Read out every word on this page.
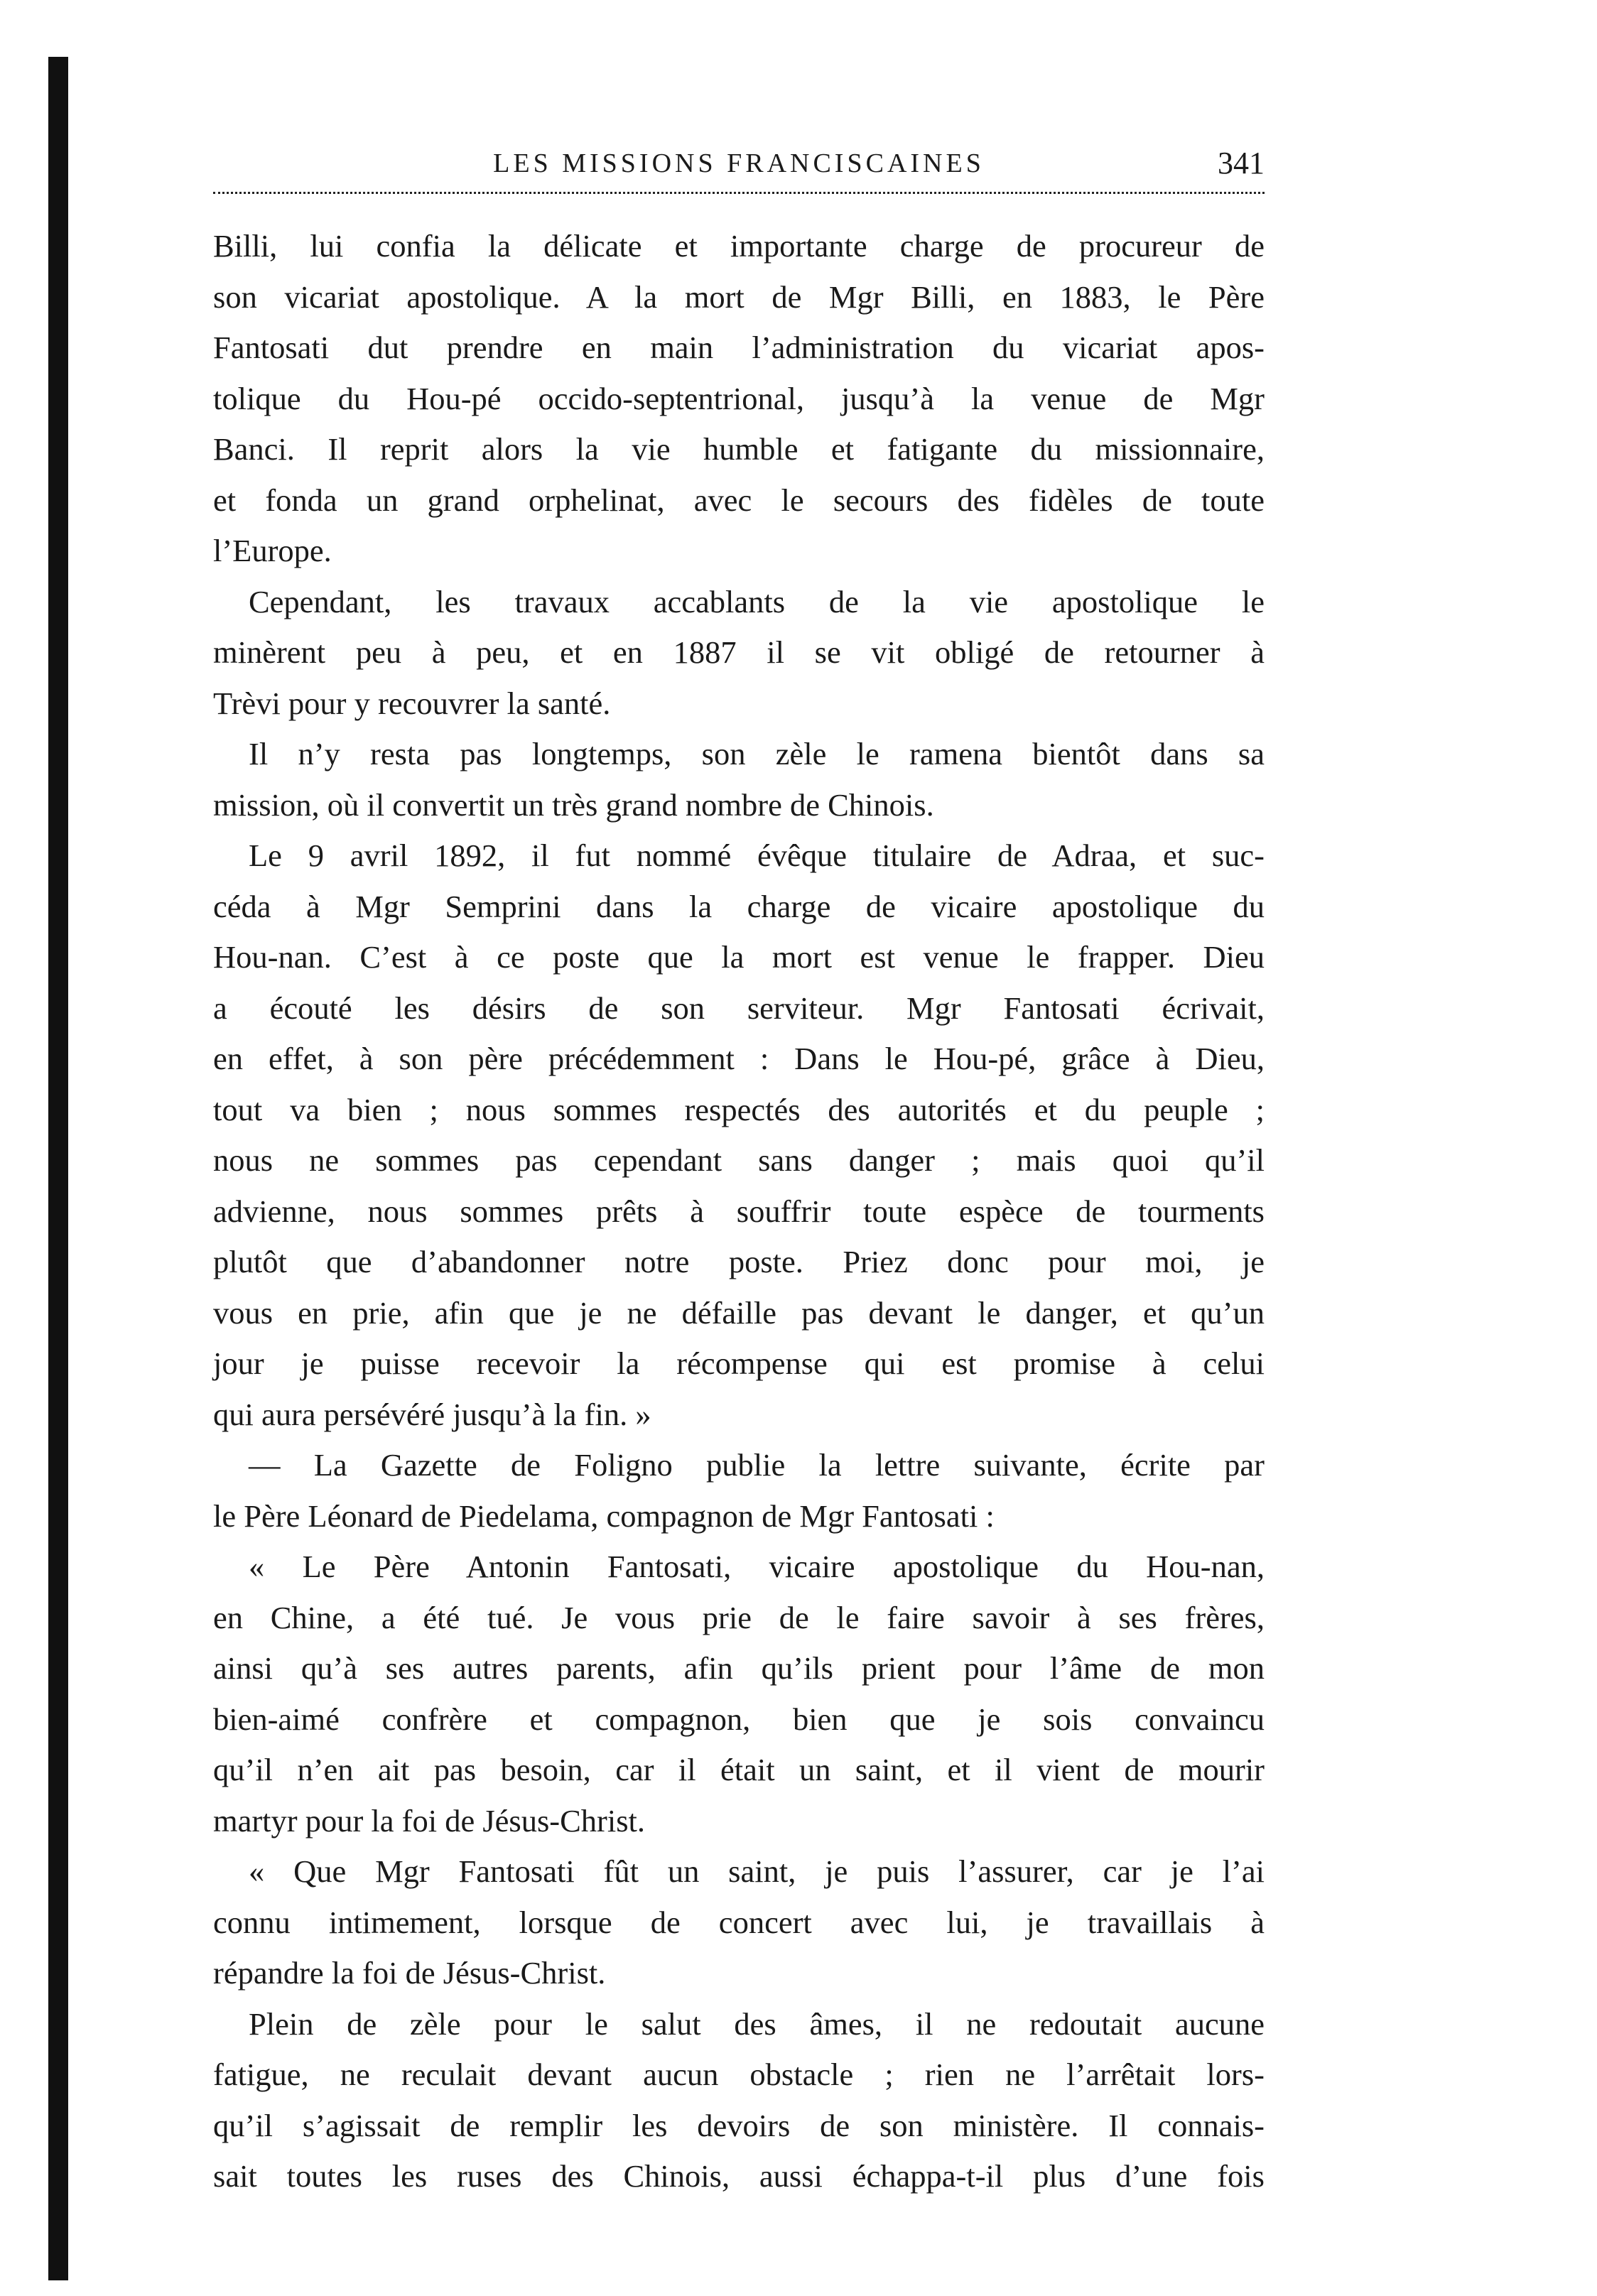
LES MISSIONS FRANCISCAINES	341

Billi, lui confia la délicate et importante charge de procureur de

son vicariat apostolique. A la mort de Mgr Billi, en 1883, le Père

Fantosati dut prendre en main l’administration du vicariat apos-

tolique du Hou-pé occido-septentrional, jusqu’à la venue de Mgr

Banci. Il reprit alors la vie humble et fatigante du missionnaire,

et fonda un grand orphelinat, avec le secours des fidèles de toute

l’Europe.

Cependant, les travaux accablants de la vie apostolique le

minèrent peu à peu, et en 1887 il se vit obligé de retourner à

Trèvi pour y recouvrer la santé.

Il n’y resta pas longtemps, son zèle le ramena bientôt dans sa

mission, où il convertit un très grand nombre de Chinois.

Le 9 avril 1892, il fut nommé évêque titulaire de Adraa, et suc-

céda à Mgr Semprini dans la charge de vicaire apostolique du

Hou-nan. C’est à ce poste que la mort est venue le frapper. Dieu

a écouté les désirs de son serviteur. Mgr Fantosati écrivait,

en effet, à son père précédemment : Dans le Hou-pé, grâce à Dieu,

tout va bien ; nous sommes respectés des autorités et du peuple ;

nous ne sommes pas cependant sans danger ; mais quoi qu’il

advienne, nous sommes prêts à souffrir toute espèce de tourments

plutôt que d’abandonner notre poste. Priez donc pour moi, je

vous en prie, afin que je ne défaille pas devant le danger, et qu’un

jour je puisse recevoir la récompense qui est promise à celui

qui aura persévéré jusqu’à la fin. »

— La Gazette de Foligno publie la lettre suivante, écrite par

le Père Léonard de Piedelama, compagnon de Mgr Fantosati :

« Le Père Antonin Fantosati, vicaire apostolique du Hou-nan,

en Chine, a été tué. Je vous prie de le faire savoir à ses frères,

ainsi qu’à ses autres parents, afin qu’ils prient pour l’âme de mon

bien-aimé confrère et compagnon, bien que je sois convaincu

qu’il n’en ait pas besoin, car il était un saint, et il vient de mourir

martyr pour la foi de Jésus-Christ.

« Que Mgr Fantosati fût un saint, je puis l’assurer, car je l’ai

connu intimement, lorsque de concert avec lui, je travaillais à

répandre la foi de Jésus-Christ.

Plein de zèle pour le salut des âmes, il ne redoutait aucune

fatigue, ne reculait devant aucun obstacle ; rien ne l’arrêtait lors-

qu’il s’agissait de remplir les devoirs de son ministère. Il connais-

sait toutes les ruses des Chinois, aussi échappa-t-il plus d’une fois
